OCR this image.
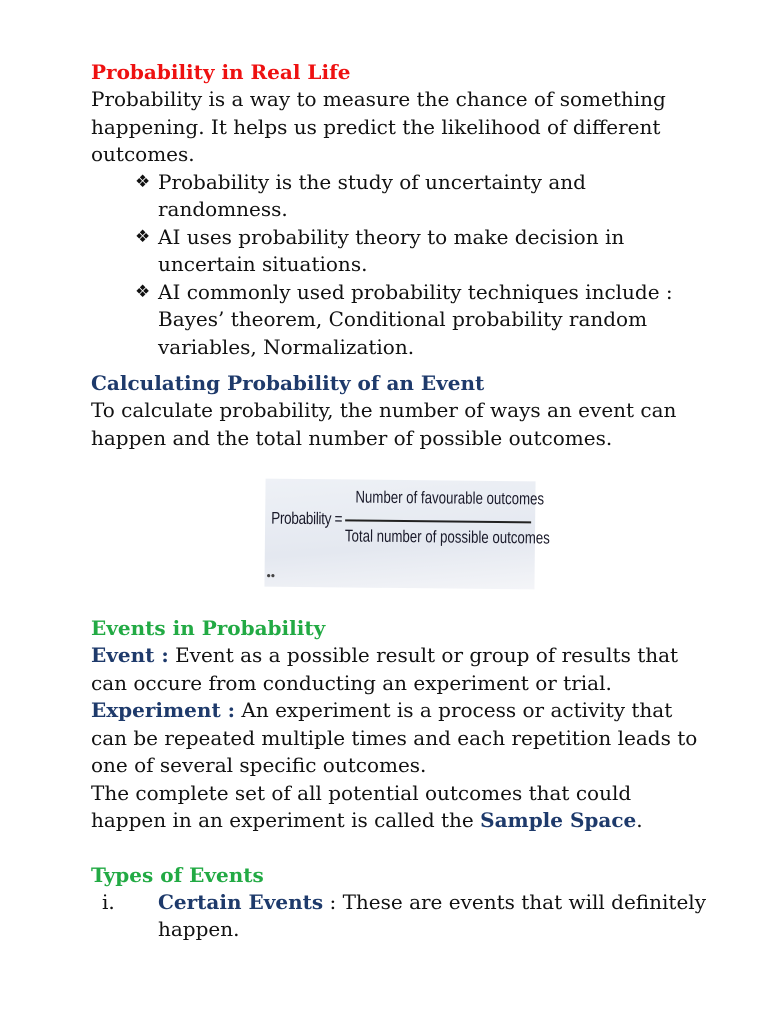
Probability in Real Life

Probability is a way to measure the chance of something happening. It helps us predict the likelihood of different outcomes.

❖ Probability is the study of uncertainty and randomness.
❖ AI uses probability theory to make decision in uncertain situations.
❖ AI commonly used probability techniques include : Bayes’ theorem, Conditional probability random variables, Normalization.

Calculating Probability of an Event

To calculate probability, the number of ways an event can happen and the total number of possible outcomes.

Probability =
Number of favourable outcomes
Total number of possible outcomes
••

Events in Probability

Event : Event as a possible result or group of results that can occure from conducting an experiment or trial.

Experiment : An experiment is a process or activity that can be repeated multiple times and each repetition leads to one of several specific outcomes.

The complete set of all potential outcomes that could happen in an experiment is called the Sample Space.

Types of Events

i. Certain Events : These are events that will definitely happen.
